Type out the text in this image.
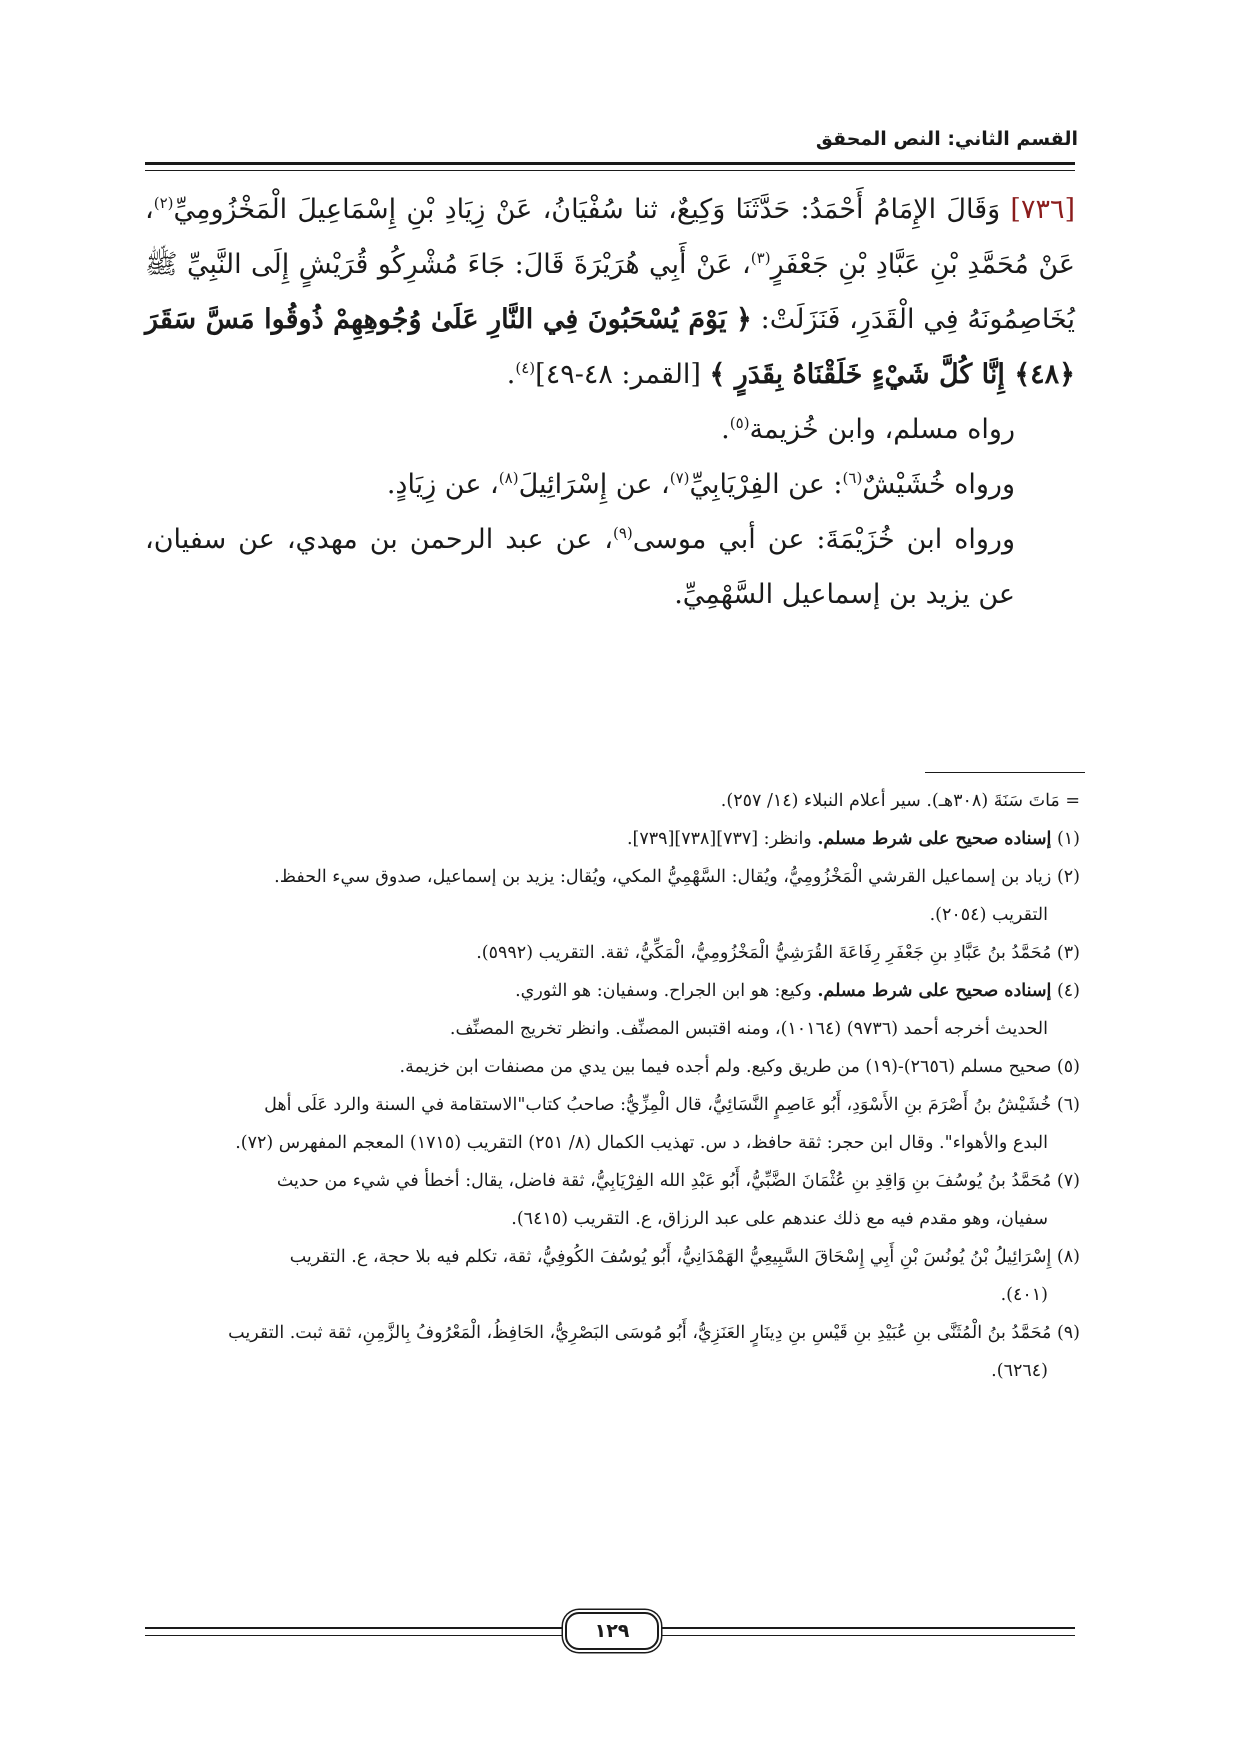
القسم الثاني: النص المحقق

[٧٣٦] وَقَالَ الإِمَامُ أَحْمَدُ: حَدَّثَنَا وَكِيعٌ، ثنا سُفْيَانُ، عَنْ زِيَادِ بْنِ إِسْمَاعِيلَ الْمَخْزُومِيِّ$^{(٢)}$، عَنْ مُحَمَّدِ بْنِ عَبَّادِ بْنِ جَعْفَرٍ$^{(٣)}$، عَنْ أَبِي هُرَيْرَةَ قَالَ: جَاءَ مُشْرِكُو قُرَيْشٍ إِلَى النَّبِيِّ ﷺ يُخَاصِمُونَهُ فِي الْقَدَرِ، فَنَزَلَتْ: ﴿ يَوْمَ يُسْحَبُونَ فِي النَّارِ عَلَىٰ وُجُوهِهِمْ ذُوقُوا مَسَّ سَقَرَ ﴿٤٨﴾ إِنَّا كُلَّ شَيْءٍ خَلَقْنَاهُ بِقَدَرٍ ﴾ [القمر: ٤٨-٤٩]$^{(٤)}$.

رواه مسلم، وابن خُزيمة$^{(٥)}$.

ورواه خُشَيْشٌ$^{(٦)}$: عن الفِرْيَابِيِّ$^{(٧)}$، عن إِسْرَائِيلَ$^{(٨)}$، عن زِيَادٍ.

ورواه ابن خُزَيْمَةَ: عن أبي موسى$^{(٩)}$، عن عبد الرحمن بن مهدي، عن سفيان، عن يزيد بن إسماعيل السَّهْمِيِّ.

= مَاتَ سَنَةَ (٣٠٨هـ). سير أعلام النبلاء (١٤/ ٢٥٧).

(١) إسناده صحيح على شرط مسلم. وانظر: [٧٣٧][٧٣٨][٧٣٩].

(٢) زياد بن إسماعيل القرشي الْمَخْزُومِيُّ، ويُقال: السَّهْمِيُّ المكي، ويُقال: يزيد بن إسماعيل، صدوق سيء الحفظ.

التقريب (٢٠٥٤).

(٣) مُحَمَّدُ بنُ عَبَّادِ بنِ جَعْفَرِ رِفَاعَةَ القُرَشِيُّ الْمَخْزُومِيُّ، الْمَكِّيُّ، ثقة. التقريب (٥٩٩٢).

(٤) إسناده صحيح على شرط مسلم. وكيع: هو ابن الجراح. وسفيان: هو الثوري.

الحديث أخرجه أحمد (٩٧٣٦) (١٠١٦٤)، ومنه اقتبس المصنِّف. وانظر تخريج المصنِّف.

(٥) صحيح مسلم (٢٦٥٦)-(١٩) من طريق وكيع. ولم أجده فيما بين يدي من مصنفات ابن خزيمة.

(٦) خُشَيْشُ بنُ أَصْرَمَ بنِ الأَسْوَدِ، أَبُو عَاصِمٍ النَّسَائِيُّ، قال الْمِزِّيُّ: صاحبُ كتاب"الاستقامة في السنة والرد عَلَى أهل

البدع والأهواء". وقال ابن حجر: ثقة حافظ، د س. تهذيب الكمال (٨/ ٢٥١) التقريب (١٧١٥) المعجم المفهرس (٧٢).

(٧) مُحَمَّدُ بنُ يُوسُفَ بنِ وَاقِدِ بنِ عُثْمَانَ الضَّبِّيُّ، أَبُو عَبْدِ الله الفِرْيَابِيُّ، ثقة فاضل، يقال: أخطأ في شيء من حديث

سفيان، وهو مقدم فيه مع ذلك عندهم على عبد الرزاق، ع. التقريب (٦٤١٥).

(٨) إِسْرَائِيلُ بْنُ يُونُسَ بْنِ أَبِي إِسْحَاقَ السَّبِيعِيُّ الهَمْدَانِيُّ، أَبُو يُوسُفَ الكُوفِيُّ، ثقة، تكلم فيه بلا حجة، ع. التقريب

(٤٠١).

(٩) مُحَمَّدُ بنُ الْمُثَنَّى بنِ عُبَيْدِ بنِ قَيْسِ بنِ دِينَارٍ العَنَزِيُّ، أَبُو مُوسَى البَصْرِيُّ، الحَافِظُ، الْمَعْرُوفُ بِالزَّمِنِ، ثقة ثبت. التقريب

(٦٢٦٤).

١٢٩
